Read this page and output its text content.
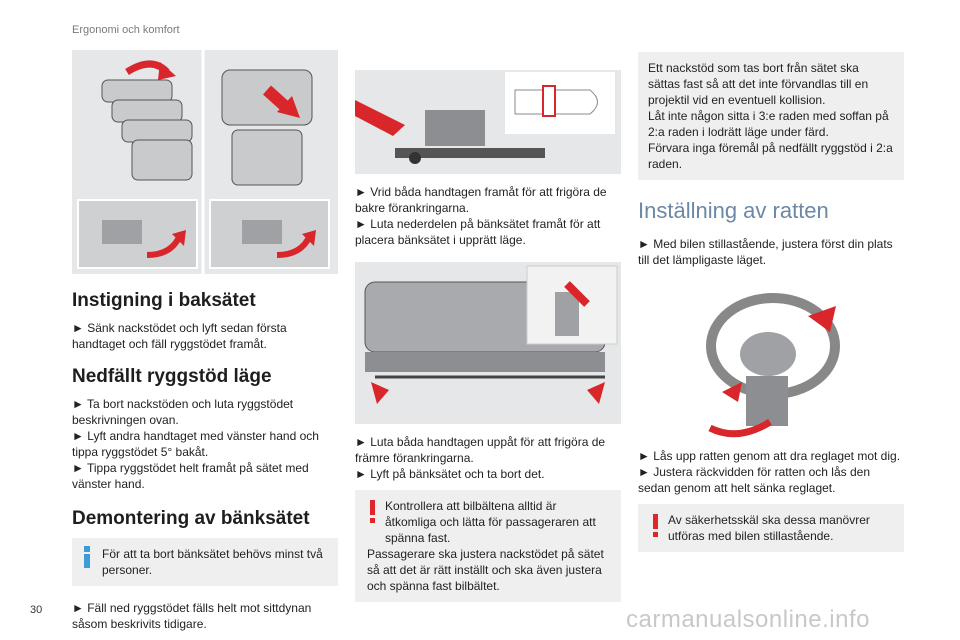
Ergonomi och komfort
Instigning i baksätet

► Sänk nackstödet och lyft sedan första handtaget och fäll ryggstödet framåt.

Nedfällt ryggstöd läge

► Ta bort nackstöden och luta ryggstödet beskrivningen ovan.

► Lyft andra handtaget med vänster hand och tippa ryggstödet 5° bakåt.

► Tippa ryggstödet helt framåt på sätet med vänster hand.

Demontering av bänksätet
För att ta bort bänksätet behövs minst två personer.

► Fäll ned ryggstödet fälls helt mot sittdynan såsom beskrivits tidigare.

► Vrid båda handtagen framåt för att frigöra de bakre förankringarna.

► Luta nederdelen på bänksätet framåt för att placera bänksätet i upprätt läge.

► Luta båda handtagen uppåt för att frigöra de främre förankringarna.

► Lyft på bänksätet och ta bort det.

Kontrollera att bilbältena alltid är
åtkomliga och lätta för passageraren att spänna fast.
Passagerare ska justera nackstödet på sätet så att det är rätt inställt och ska även justera och spänna fast bilbältet.
Ett nackstöd som tas bort från sätet ska sättas fast så att det inte förvandlas till en projektil vid en eventuell kollision.
Låt inte någon sitta i 3:e raden med soffan på 2:a raden i lodrätt läge under färd.
Förvara inga föremål på nedfällt ryggstöd i 2:a raden.
Inställning av ratten

► Med bilen stillastående, justera först din plats till det lämpligaste läget.

► Lås upp ratten genom att dra reglaget mot dig.

► Justera räckvidden för ratten och lås den sedan genom att helt sänka reglaget.

Av säkerhetsskäl ska dessa manövrer
utföras med bilen stillastående.
30	carmanualsonline.info
